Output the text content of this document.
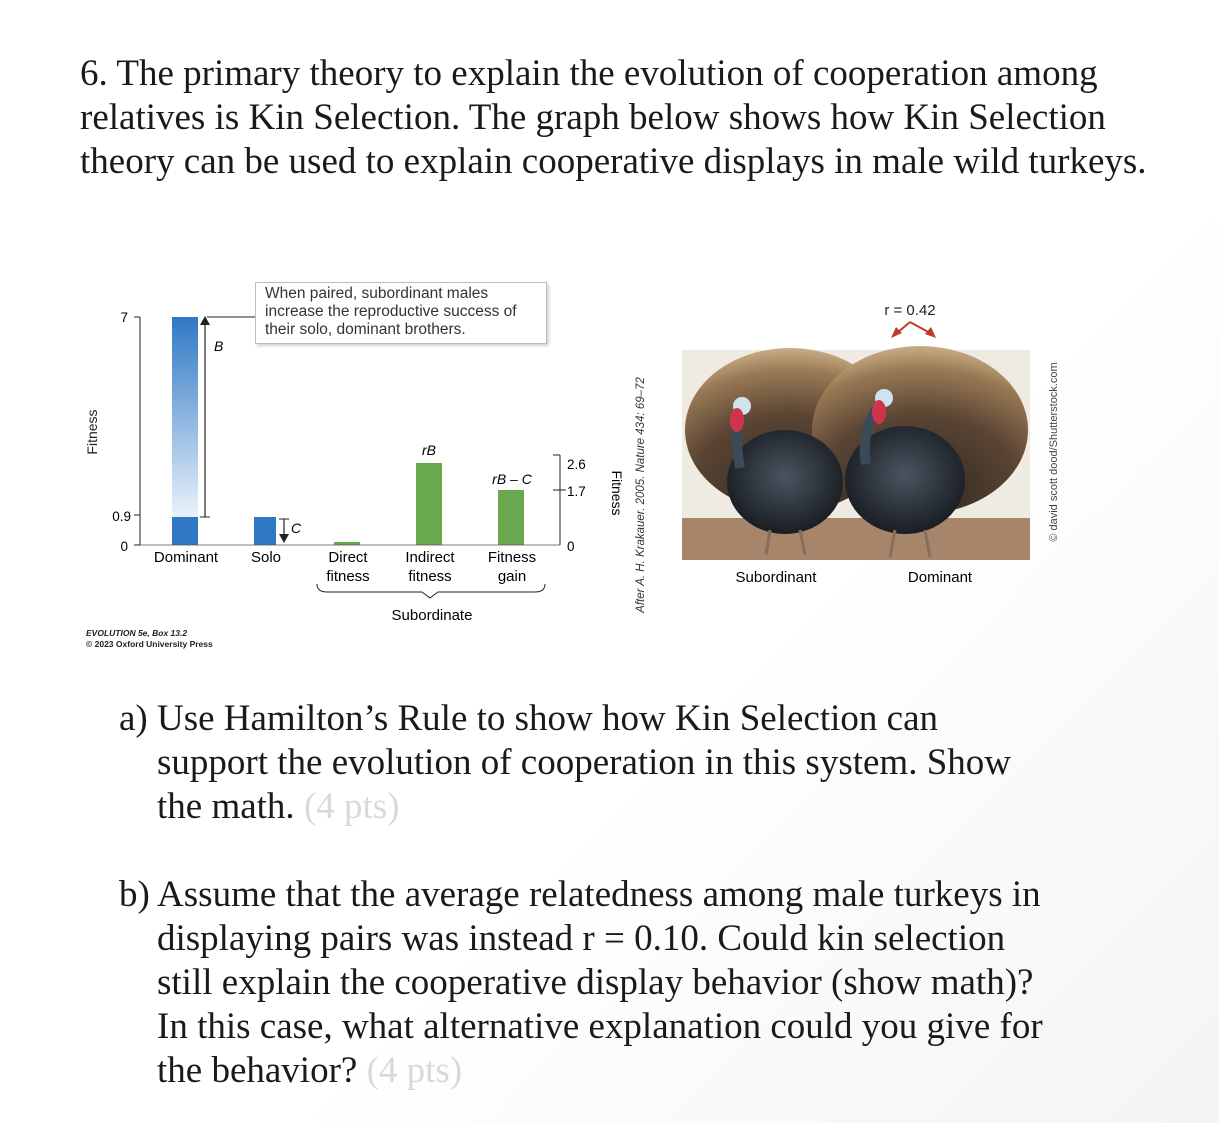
6. The primary theory to explain the evolution of cooperation among relatives is Kin Selection. The graph below shows how Kin Selection theory can be used to explain cooperative displays in male wild turkeys.

Fitness
7
0.9
0
B
C
rB
rB – C
2.6
1.7
0
Fitness
Dominant Solo	Direct
fitness
Indirect
fitness
Fitness
gain
Subordinate
After A. H. Krakauer. 2005. Nature 434: 69–72
r = 0.42
Subordinant	Dominant
© david scott dood/Shutterstock.com
When paired, subordinant males increase the reproductive success of their solo, dominant brothers.
EVOLUTION 5e, Box 13.2
© 2023 Oxford University Press

a) Use Hamilton’s Rule to show how Kin Selection can
support the evolution of cooperation in this system. Show
the math. (4 pts)

b) Assume that the average relatedness among male turkeys in
displaying pairs was instead r = 0.10. Could kin selection
still explain the cooperative display behavior (show math)?
In this case, what alternative explanation could you give for
the behavior? (4 pts)
